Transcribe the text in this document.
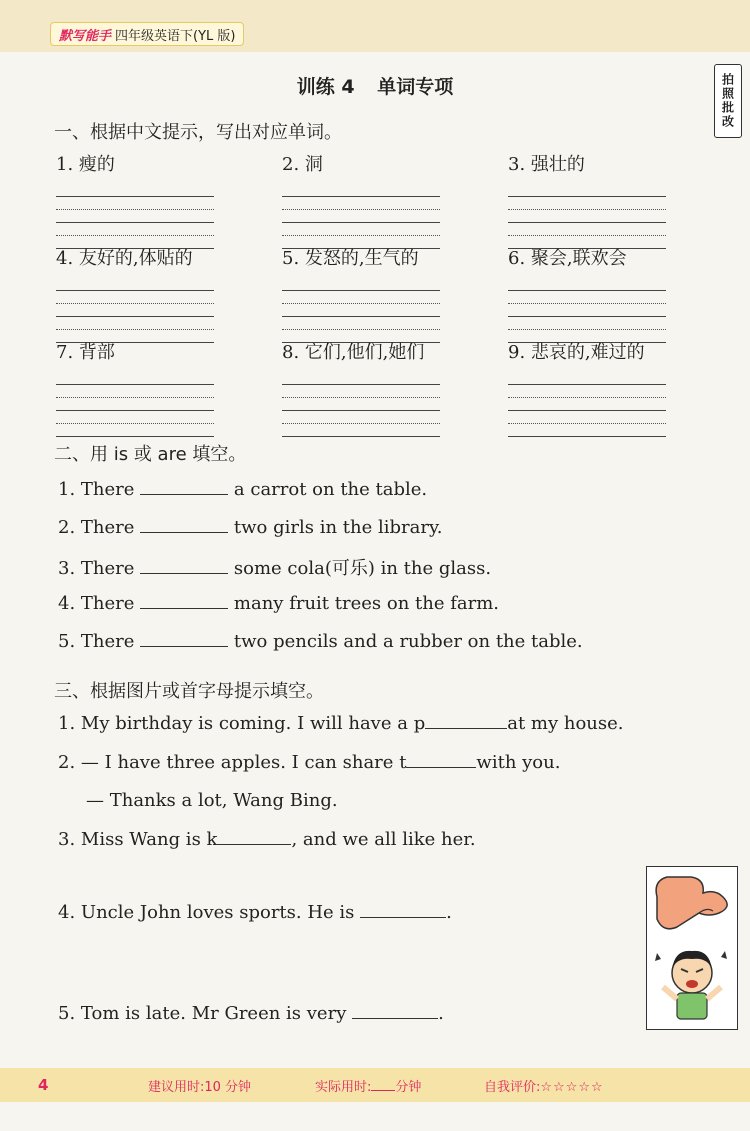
默写能手 四年级英语下(YL 版)
拍照批改
训练 4 单词专项
一、根据中文提示，写出对应单词。
1. 瘦的	2. 洞	3. 强壮的
4. 友好的,体贴的	5. 发怒的,生气的	6. 聚会,联欢会
7. 背部	8. 它们,他们,她们	9. 悲哀的,难过的
二、用 is 或 are 填空。
1. There	a carrot on the table.
2. There	two girls in the library.
3. There	some cola(可乐) in the glass.
4. There	many fruit trees on the farm.
5. There	two pencils and a rubber on the table.
三、根据图片或首字母提示填空。
1. My birthday is coming. I will have a p	at my house.
2. — I have three apples. I can share t	with you.
— Thanks a lot, Wang Bing.
3. Miss Wang is k	, and we all like her.
4. Uncle John loves sports. He is	.
5. Tom is late. Mr Green is very	.
4	建议用时:10 分钟	实际用时: 分钟	自我评价:☆☆☆☆☆
